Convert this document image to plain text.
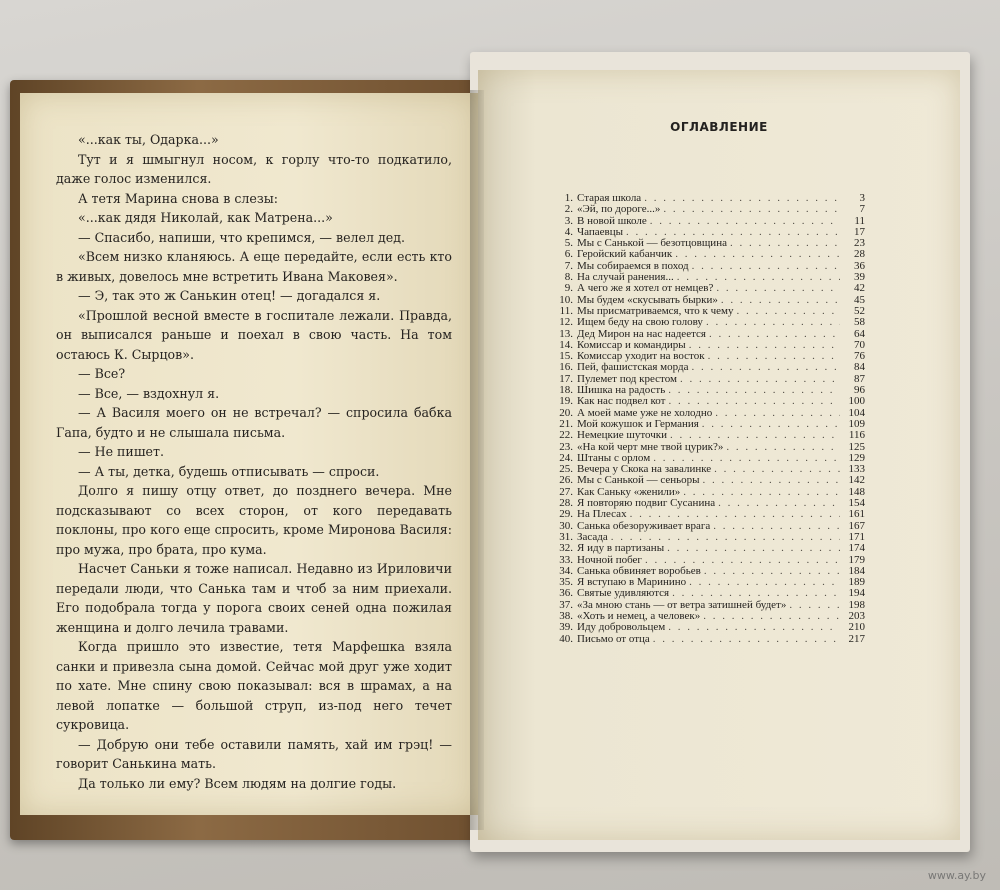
«...как ты, Одарка...»

Тут и я шмыгнул носом, к горлу что-то подкатило, даже голос изменился.

А тетя Марина снова в слезы:

«...как дядя Николай, как Матрена...»

— Спасибо, напиши, что крепимся, — велел дед.

«Всем низко кланяюсь. А еще передайте, если есть кто в живых, довелось мне встретить Ивана Маковея».

— Э, так это ж Санькин отец! — догадался я.

«Прошлой весной вместе в госпитале лежали. Правда, он выписался раньше и поехал в свою часть. На том остаюсь К. Сырцов».

— Все?

— Все, — вздохнул я.

— А Василя моего он не встречал? — спросила бабка Гапа, будто и не слышала письма.

— Не пишет.

— А ты, детка, будешь отписывать — спроси.

Долго я пишу отцу ответ, до позднего вечера. Мне подсказывают со всех сторон, от кого передавать поклоны, про кого еще спросить, кроме Миронова Василя: про мужа, про брата, про кума.

Насчет Саньки я тоже написал. Недавно из Ириловичи передали люди, что Санька там и чтоб за ним приехали. Его подобрала тогда у порога своих сеней одна пожилая женщина и долго лечила травами.

Когда пришло это известие, тетя Марфешка взяла санки и привезла сына домой. Сейчас мой друг уже ходит по хате. Мне спину свою показывал: вся в шрамах, а на левой лопатке — большой струп, из-под него течет сукровица.

— Добрую они тебе оставили память, хай им грэц! — говорит Санькина мать.

Да только ли ему? Всем людям на долгие годы.

ОГЛАВЛЕНИЕ
1. Старая школа . . .	3
2. «Эй, по дороге...» . . .	7
3. В новой школе . . .	11
4. Чапаевцы . . .	17
5. Мы с Санькой — безотцовщина . . .	23
6. Геройский кабанчик . . .	28
7. Мы собираемся в поход . . .	36
8. На случай ранения... . . .	39
9. А чего же я хотел от немцев? . . .	42
10. Мы будем «скусывать бырки» . . .	45
11. Мы присматриваемся, что к чему . . .	52
12. Ищем беду на свою голову . . .	58
13. Дед Мирон на нас надеется . . .	64
14. Комиссар и командиры . . .	70
15. Комиссар уходит на восток . . .	76
16. Пей, фашистская морда . . .	84
17. Пулемет под крестом . . .	87
18. Шишка на радость . . .	96
19. Как нас подвел кот . . .	100
20. А моей маме уже не холодно . . .	104
21. Мой кожушок и Германия . . .	109
22. Немецкие шуточки . . .	116
23. «На кой черт мне твой цурик?» . . .	125
24. Штаны с орлом . . .	129
25. Вечера у Скока на завалинке . . .	133
26. Мы с Санькой — сеньоры . . .	142
27. Как Саньку «женили» . . .	148
28. Я повторяю подвиг Сусанина . . .	154
29. На Плесах . . .	161
30. Санька обезоруживает врага . . .	167
31. Засада . . .	171
32. Я иду в партизаны . . .	174
33. Ночной побег . . .	179
34. Санька обвиняет воробьев . . .	184
35. Я вступаю в Маринино . . .	189
36. Святые удивляются . . .	194
37. «За мною стань — от ветра затишней будет» . . .	198
38. «Хоть и немец, а человек» . . .	203
39. Иду добровольцем . . .	210
40. Письмо от отца . . .	217
www.ay.by
